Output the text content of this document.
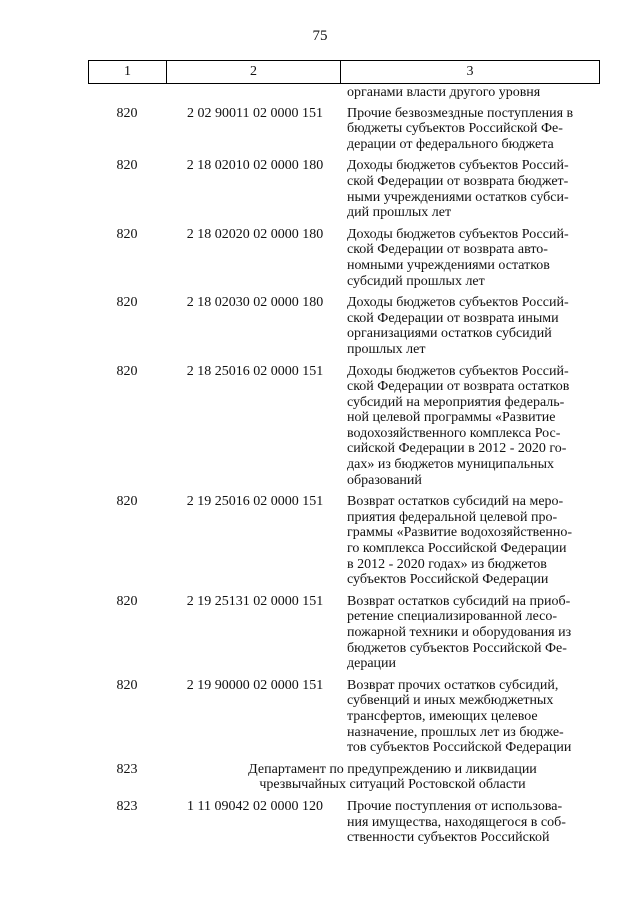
75
1	2	3
органами власти другого уровня
820	2 02 90011 02 0000 151	Прочие безвозмездные поступления в
бюджеты субъектов Российской Фе-
дерации от федерального бюджета
820	2 18 02010 02 0000 180	Доходы бюджетов субъектов Россий-
ской Федерации от возврата бюджет-
ными учреждениями остатков субси-
дий прошлых лет
820	2 18 02020 02 0000 180	Доходы бюджетов субъектов Россий-
ской Федерации от возврата авто-
номными учреждениями остатков
субсидий прошлых лет
820	2 18 02030 02 0000 180	Доходы бюджетов субъектов Россий-
ской Федерации от возврата иными
организациями остатков субсидий
прошлых лет
820	2 18 25016 02 0000 151	Доходы бюджетов субъектов Россий-
ской Федерации от возврата остатков
субсидий на мероприятия федераль-
ной целевой программы «Развитие
водохозяйственного комплекса Рос-
сийской Федерации в 2012 - 2020 го-
дах» из бюджетов муниципальных
образований
820	2 19 25016 02 0000 151	Возврат остатков субсидий на меро-
приятия федеральной целевой про-
граммы «Развитие водохозяйственно-
го комплекса Российской Федерации
в 2012 - 2020 годах» из бюджетов
субъектов Российской Федерации
820	2 19 25131 02 0000 151	Возврат остатков субсидий на приоб-
ретение специализированной лесо-
пожарной техники и оборудования из
бюджетов субъектов Российской Фе-
дерации
820	2 19 90000 02 0000 151	Возврат прочих остатков субсидий,
субвенций и иных межбюджетных
трансфертов, имеющих целевое
назначение, прошлых лет из бюдже-
тов субъектов Российской Федерации
823	Департамент по предупреждению и ликвидации
чрезвычайных ситуаций Ростовской области
823	1 11 09042 02 0000 120	Прочие поступления от использова-
ния имущества, находящегося в соб-
ственности субъектов Российской
